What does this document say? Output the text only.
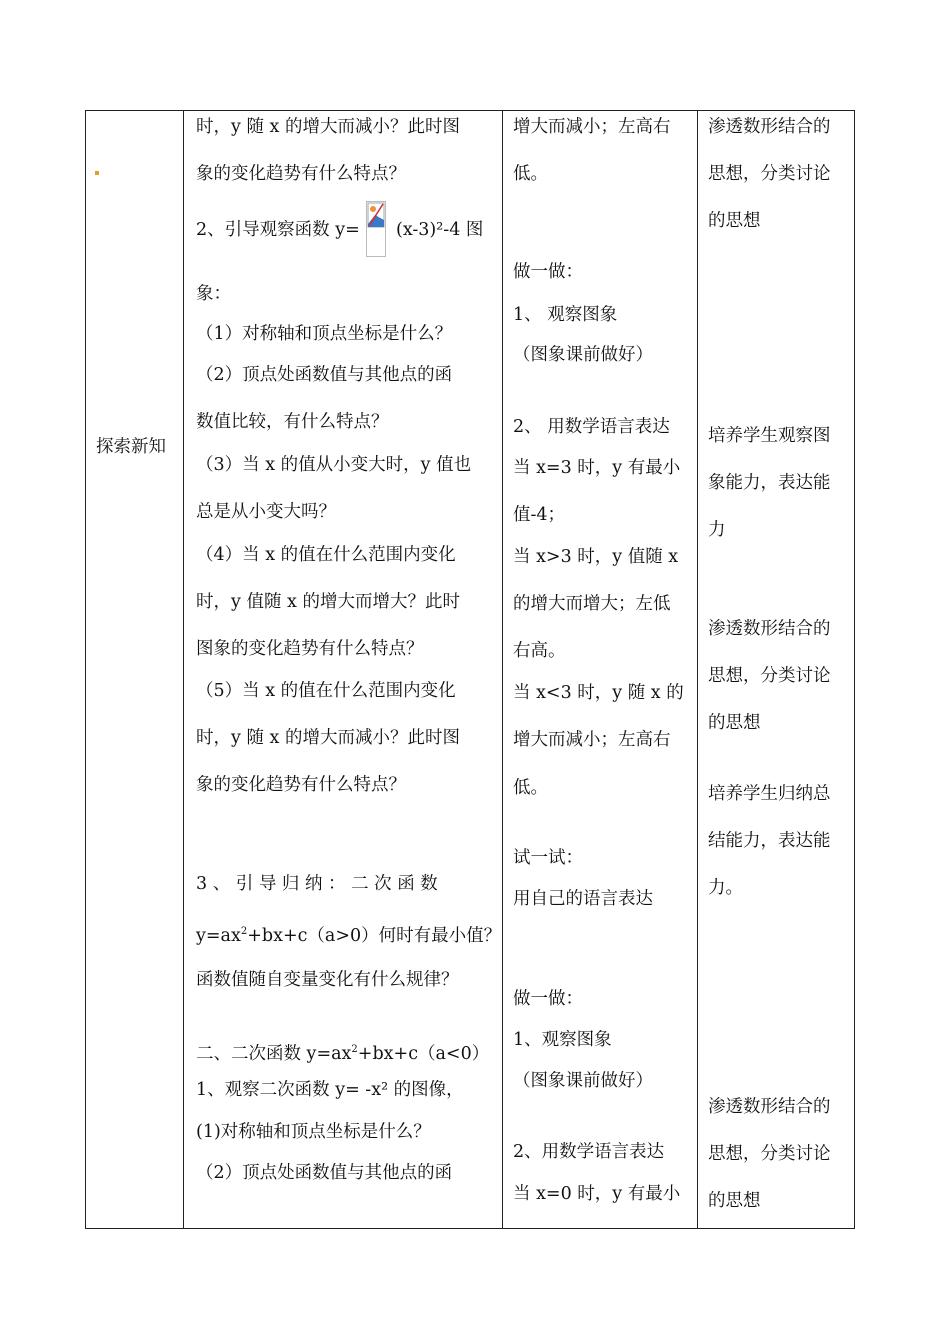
探索新知
时，y 随 x 的增大而减小？此时图
象的变化趋势有什么特点？
2、引导观察函数 y= (x-3)²-4 图
象：
（1）对称轴和顶点坐标是什么？
（2）顶点处函数值与其他点的函
数值比较，有什么特点？
（3）当 x 的值从小变大时，y 值也
总是从小变大吗？
（4）当 x 的值在什么范围内变化
时，y 值随 x 的增大而增大？此时
图象的变化趋势有什么特点？
（5）当 x 的值在什么范围内变化
时，y 随 x 的增大而减小？此时图
象的变化趋势有什么特点？
3 、 引 导 归 纳 ： 二 次 函 数
$y=ax^2+bx+c(a>0)$何时有最小值？
函数值随自变量变化有什么规律？
二、二次函数 $y=ax^2+bx+c(a<0)$
1、观察二次函数 y= -x² 的图像，
(1)对称轴和顶点坐标是什么？
（2）顶点处函数值与其他点的函
增大而减小；左高右
低。
做一做：
1、 观察图象
（图象课前做好）
2、 用数学语言表达
当 x=3 时，y 有最小
值-4；
当 x>3 时，y 值随 x
的增大而增大；左低
右高。
当 x<3 时，y 随 x 的
增大而减小；左高右
低。
试一试：
用自己的语言表达
做一做：
1、观察图象
（图象课前做好）
2、用数学语言表达
当 x=0 时，y 有最小
渗透数形结合的
思想，分类讨论
的思想
培养学生观察图
象能力，表达能
力
渗透数形结合的
思想，分类讨论
的思想
培养学生归纳总
结能力，表达能
力。
渗透数形结合的
思想，分类讨论
的思想
